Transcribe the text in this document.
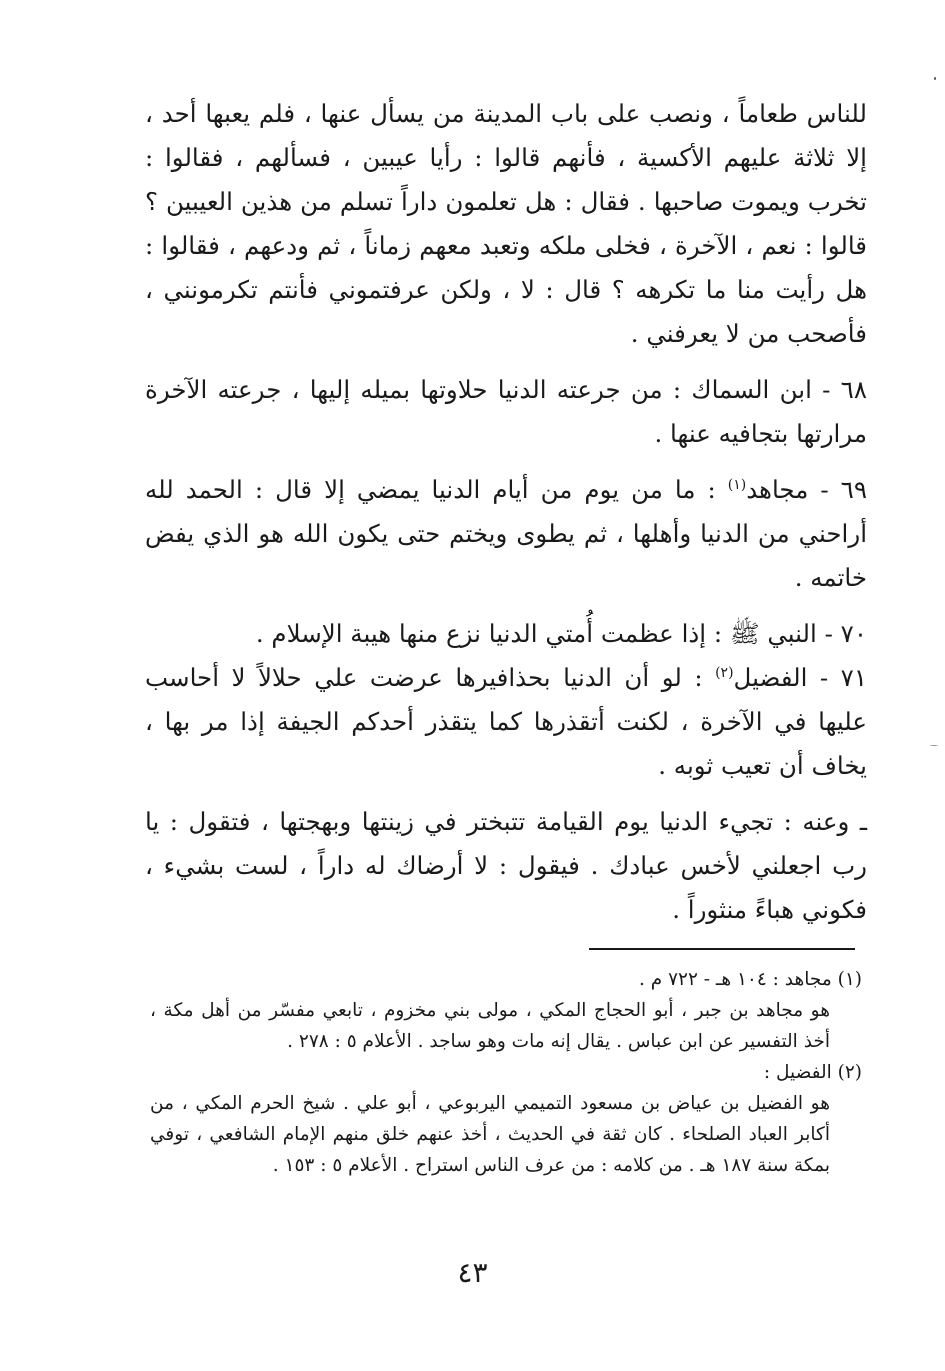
للناس طعاماً ، ونصب على باب المدينة من يسأل عنها ، فلم يعبها أحد ، إلا ثلاثة عليهم الأكسية ، فأنهم قالوا : رأيا عيبين ، فسألهم ، فقالوا : تخرب ويموت صاحبها . فقال : هل تعلمون داراً تسلم من هذين العيبين ؟ قالوا : نعم ، الآخرة ، فخلى ملكه وتعبد معهم زماناً ، ثم ودعهم ، فقالوا : هل رأيت منا ما تكرهه ؟ قال : لا ، ولكن عرفتموني فأنتم تكرمونني ، فأصحب من لا يعرفني .

٦٨ - ابن السماك : من جرعته الدنيا حلاوتها بميله إليها ، جرعته الآخرة مرارتها بتجافيه عنها .

٦٩ - مجاهد$^{(١)}$ : ما من يوم من أيام الدنيا يمضي إلا قال : الحمد لله أراحني من الدنيا وأهلها ، ثم يطوى ويختم حتى يكون الله هو الذي يفض خاتمه .

٧٠ - النبي ﷺ : إذا عظمت أُمتي الدنيا نزع منها هيبة الإسلام .

٧١ - الفضيل$^{(٢)}$ : لو أن الدنيا بحذافيرها عرضت علي حلالاً لا أحاسب عليها في الآخرة ، لكنت أتقذرها كما يتقذر أحدكم الجيفة إذا مر بها ، يخاف أن تعيب ثوبه .

ـ وعنه : تجيء الدنيا يوم القيامة تتبختر في زينتها وبهجتها ، فتقول : يا رب اجعلني لأخس عبادك . فيقول : لا أرضاك له داراً ، لست بشيء ، فكوني هباءً منثوراً .

(١) مجاهد : ١٠٤ هـ - ٧٢٢ م .

هو مجاهد بن جبر ، أبو الحجاج المكي ، مولى بني مخزوم ، تابعي مفسّر من أهل مكة ، أخذ التفسير عن ابن عباس . يقال إنه مات وهو ساجد . الأعلام ٥ : ٢٧٨ .

(٢) الفضيل :

هو الفضيل بن عياض بن مسعود التميمي اليربوعي ، أبو علي . شيخ الحرم المكي ، من أكابر العباد الصلحاء . كان ثقة في الحديث ، أخذ عنهم خلق منهم الإمام الشافعي ، توفي بمكة سنة ١٨٧ هـ . من كلامه : من عرف الناس استراح . الأعلام ٥ : ١٥٣ .

٤٣
